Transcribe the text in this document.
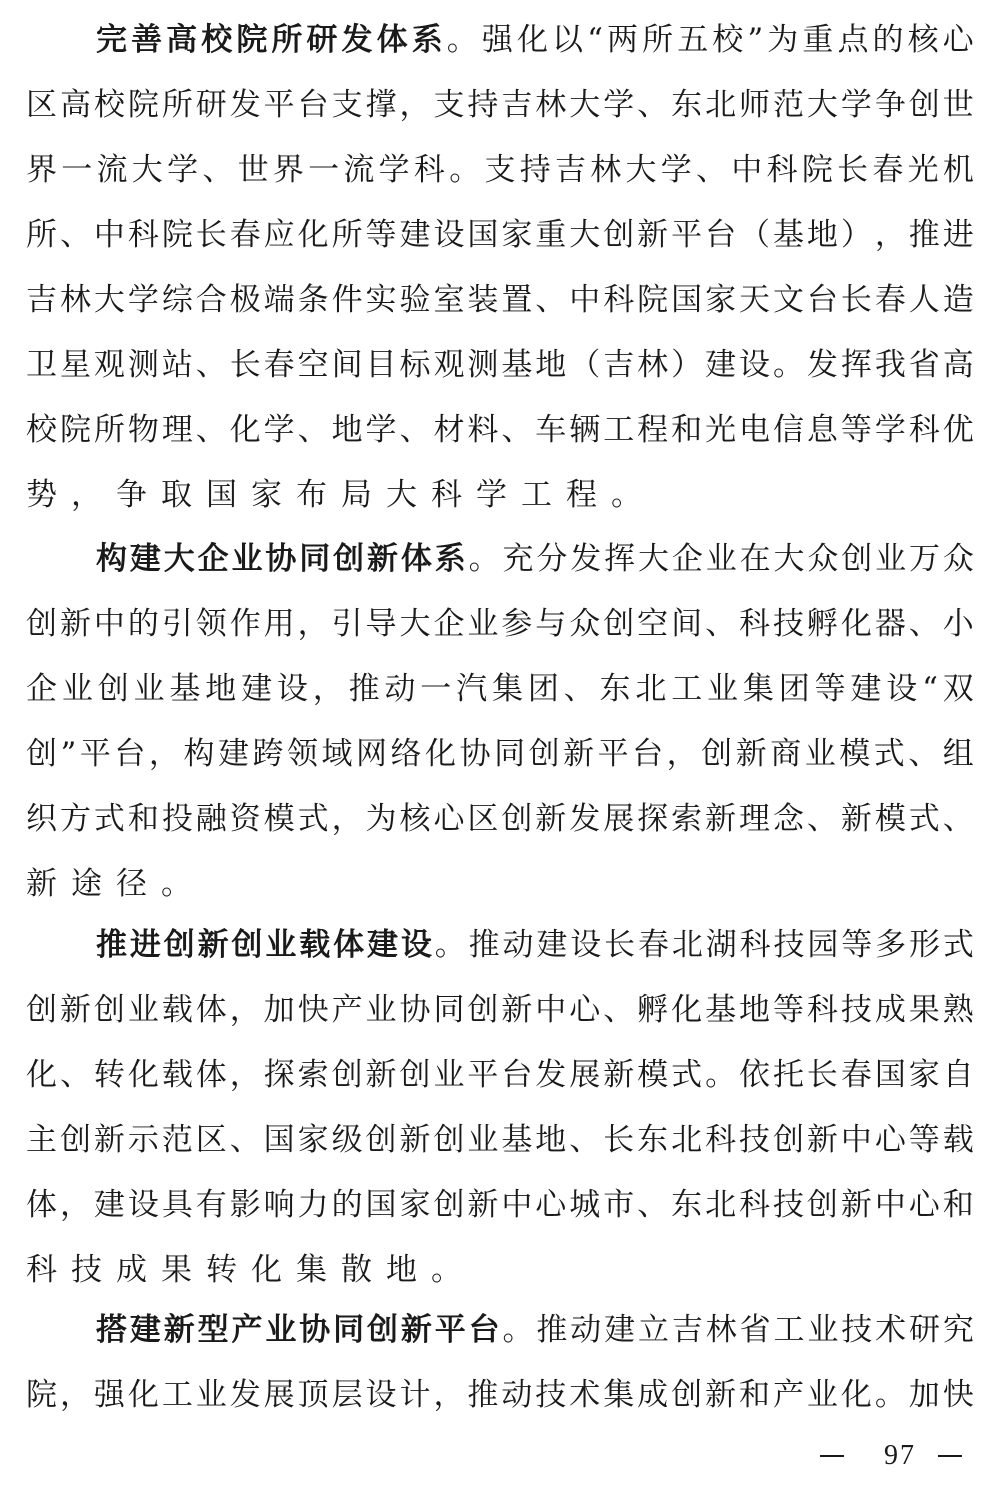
完 善 高 校 院 所 研 发 体 系 。 强 化 以 “ 两 所 五 校 ” 为 重 点 的 核 心
区 高 校 院 所 研 发 平 台 支 撑 ， 支 持 吉 林 大 学 、 东 北 师 范 大 学 争 创 世
界 一 流 大 学 、 世 界 一 流 学 科 。 支 持 吉 林 大 学 、 中 科 院 长 春 光 机
所 、 中 科 院 长 春 应 化 所 等 建 设 国 家 重 大 创 新 平 台 （ 基 地 ） ， 推 进
吉 林 大 学 综 合 极 端 条 件 实 验 室 装 置 、 中 科 院 国 家 天 文 台 长 春 人 造
卫 星 观 测 站 、 长 春 空 间 目 标 观 测 基 地 （ 吉 林 ） 建 设 。 发 挥 我 省 高
校 院 所 物 理 、 化 学 、 地 学 、 材 料 、 车 辆 工 程 和 光 电 信 息 等 学 科 优
势，争取国家布局大科学工程。
构 建 大 企 业 协 同 创 新 体 系 。 充 分 发 挥 大 企 业 在 大 众 创 业 万 众
创 新 中 的 引 领 作 用 ， 引 导 大 企 业 参 与 众 创 空 间 、 科 技 孵 化 器 、 小
企 业 创 业 基 地 建 设 ， 推 动 一 汽 集 团 、 东 北 工 业 集 团 等 建 设 “ 双
创 ” 平 台 ， 构 建 跨 领 域 网 络 化 协 同 创 新 平 台 ， 创 新 商 业 模 式 、 组
织 方 式 和 投 融 资 模 式 ， 为 核 心 区 创 新 发 展 探 索 新 理 念 、 新 模 式 、
新途径。
推 进 创 新 创 业 载 体 建 设 。 推 动 建 设 长 春 北 湖 科 技 园 等 多 形 式
创 新 创 业 载 体 ， 加 快 产 业 协 同 创 新 中 心 、 孵 化 基 地 等 科 技 成 果 熟
化 、 转 化 载 体 ， 探 索 创 新 创 业 平 台 发 展 新 模 式 。 依 托 长 春 国 家 自
主 创 新 示 范 区 、 国 家 级 创 新 创 业 基 地 、 长 东 北 科 技 创 新 中 心 等 载
体 ， 建 设 具 有 影 响 力 的 国 家 创 新 中 心 城 市 、 东 北 科 技 创 新 中 心 和
科技成果转化集散地。
搭 建 新 型 产 业 协 同 创 新 平 台 。 推 动 建 立 吉 林 省 工 业 技 术 研 究
院 ， 强 化 工 业 发 展 顶 层 设 计 ， 推 动 技 术 集 成 创 新 和 产 业 化 。 加 快
97
